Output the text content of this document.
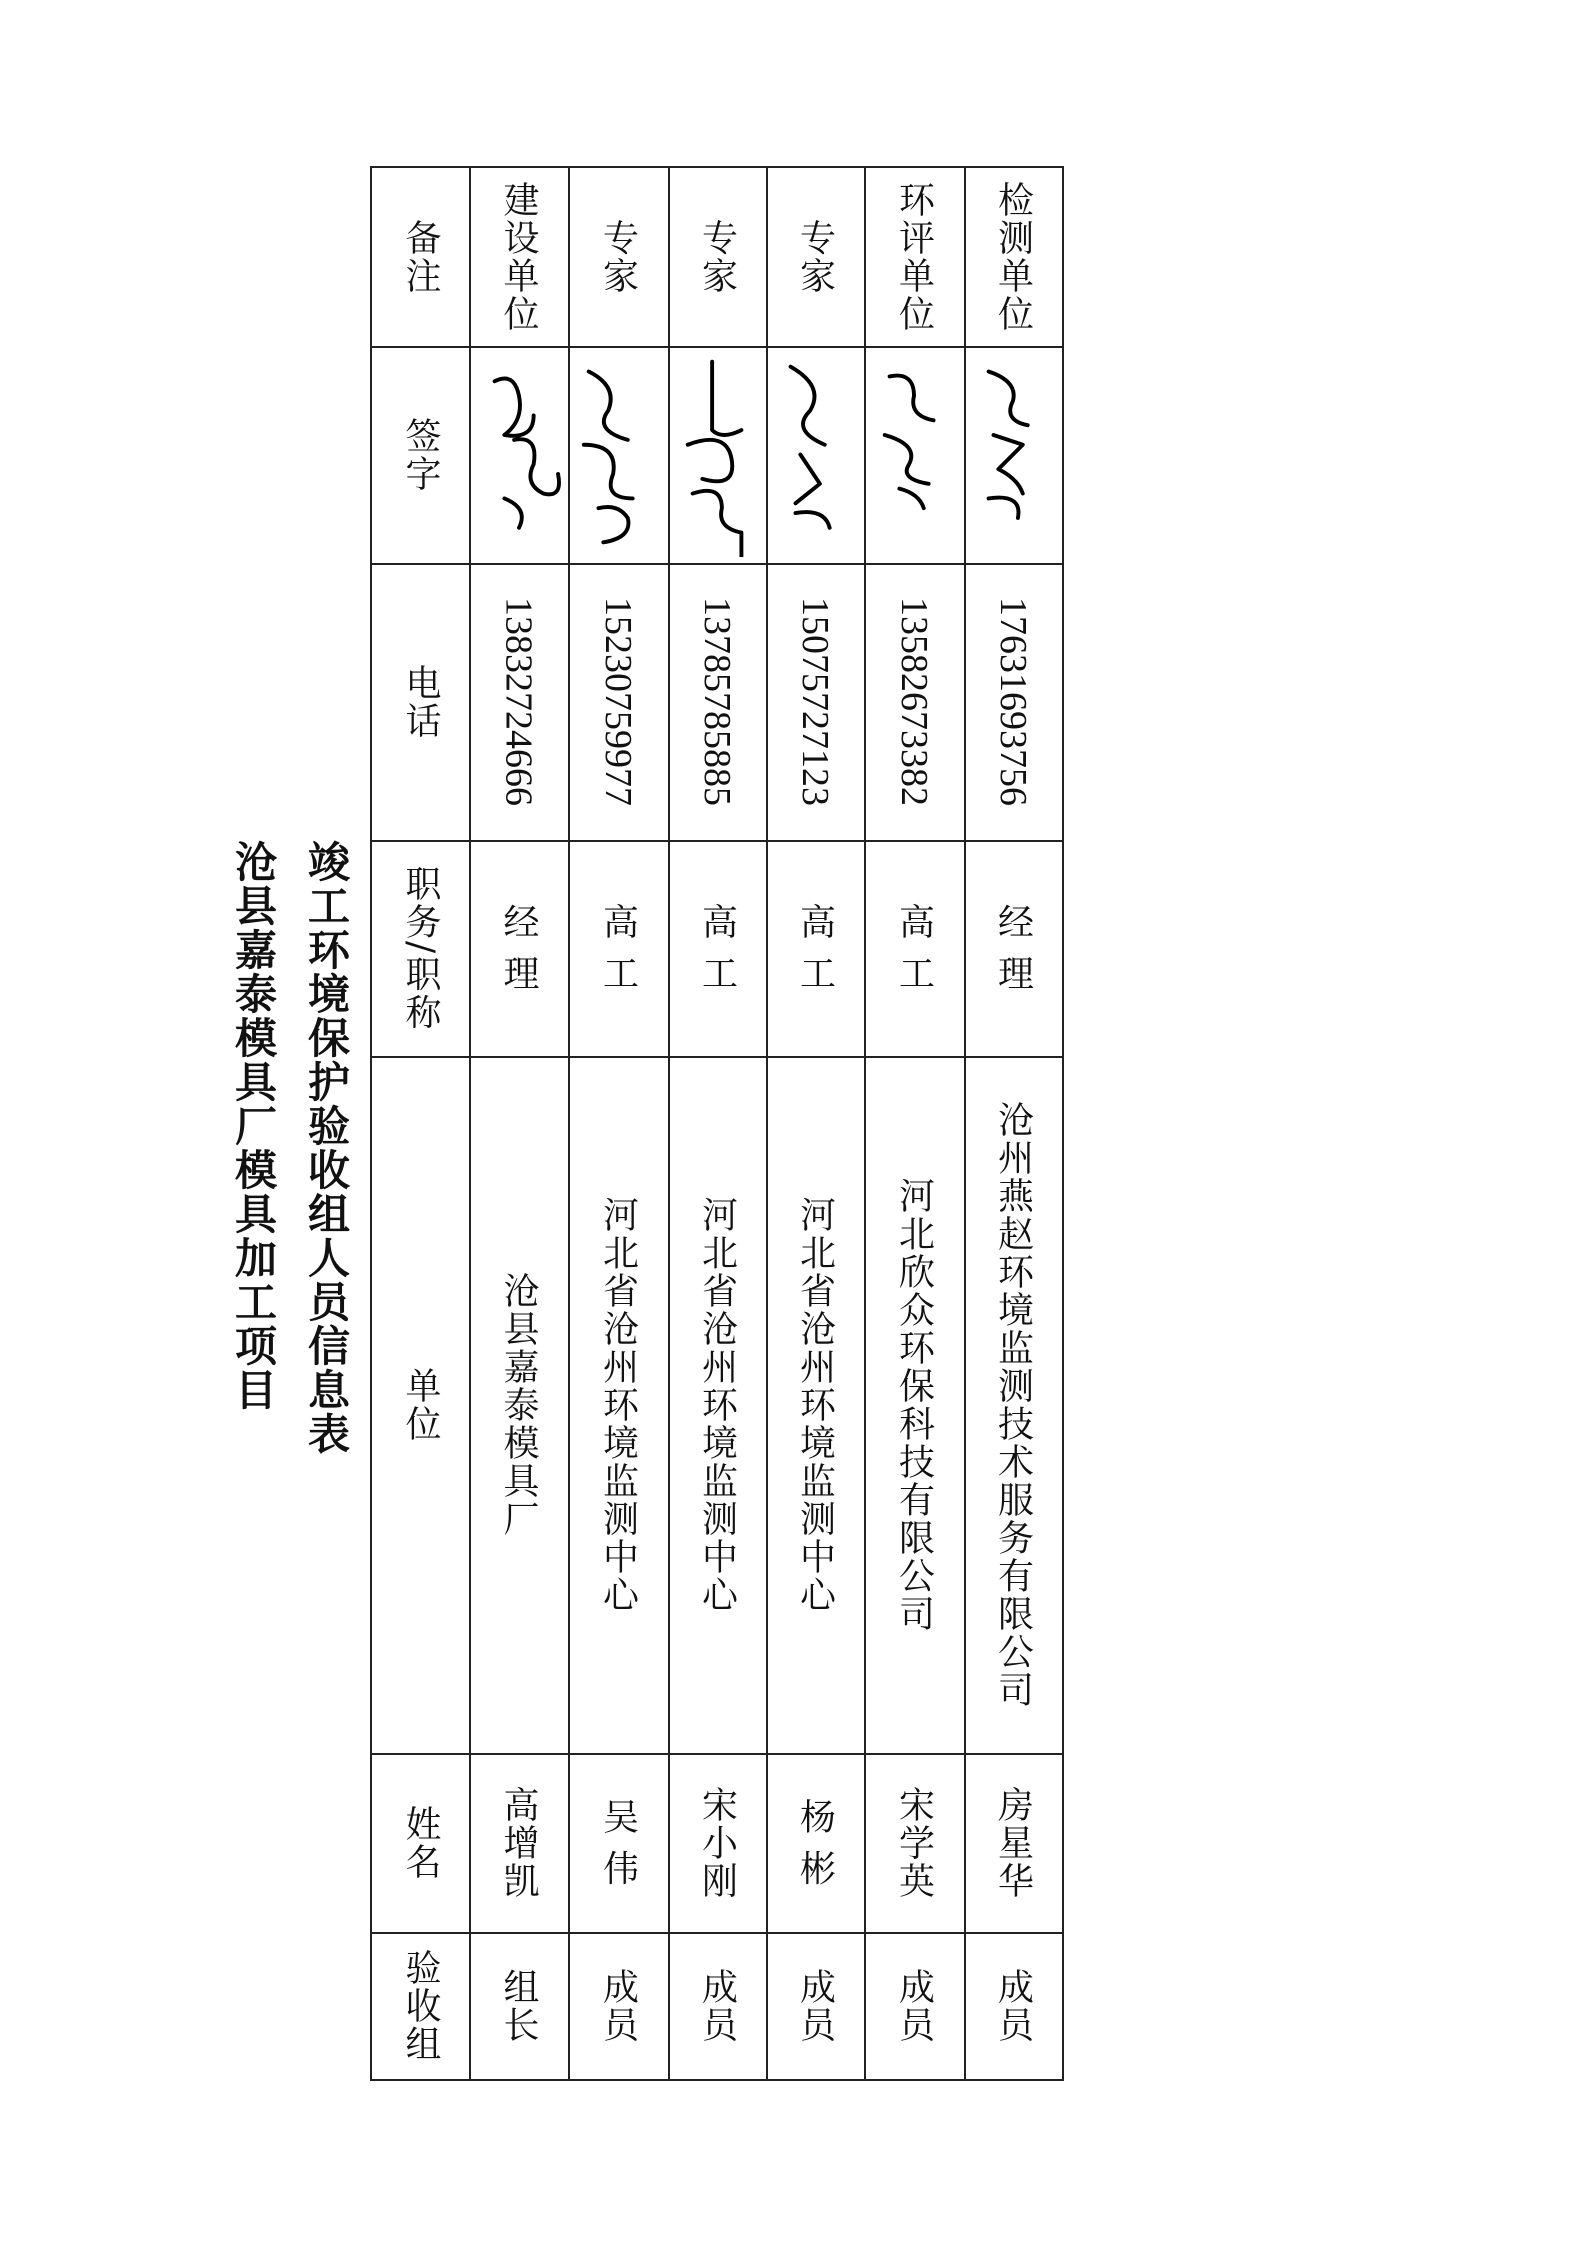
沧县嘉泰模具厂模具加工项目 竣工环境保护验收组人员信息表
备注
签字
电话
职务/职称
单位
姓名
验收组
建设单位
13832724666
经 理
沧县嘉泰模具厂
高增凯
组长
专家
15230759977
高 工
河北省沧州环境监测中心
吴 伟
成员
专家
13785785885
高 工
河北省沧州环境监测中心
宋小刚
成员
专家
15075727123
高 工
河北省沧州环境监测中心
杨 彬
成员
环评单位
13582673382
高 工
河北欣众环保科技有限公司
宋学英
成员
检测单位
17631693756
经 理
沧州燕赵环境监测技术服务有限公司
房星华
成员
